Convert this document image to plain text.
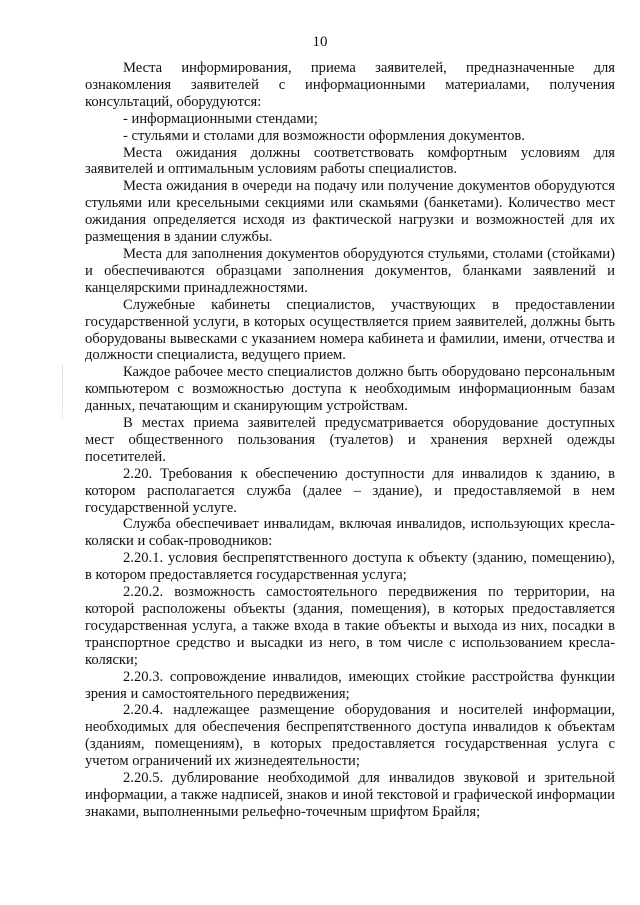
10

Места информирования, приема заявителей, предназначенные для ознакомления заявителей с информационными материалами, получения консультаций, оборудуются:

- информационными стендами;

- стульями и столами для возможности оформления документов.

Места ожидания должны соответствовать комфортным условиям для заявителей и оптимальным условиям работы специалистов.

Места ожидания в очереди на подачу или получение документов оборудуются стульями или кресельными секциями или скамьями (банкетами). Количество мест ожидания определяется исходя из фактической нагрузки и возможностей для их размещения в здании службы.

Места для заполнения документов оборудуются стульями, столами (стойками) и обеспечиваются образцами заполнения документов, бланками заявлений и канцелярскими принадлежностями.

Служебные кабинеты специалистов, участвующих в предоставлении государственной услуги, в которых осуществляется прием заявителей, должны быть оборудованы вывесками с указанием номера кабинета и фамилии, имени, отчества и должности специалиста, ведущего прием.

Каждое рабочее место специалистов должно быть оборудовано персональным компьютером с возможностью доступа к необходимым информационным базам данных, печатающим и сканирующим устройствам.

В местах приема заявителей предусматривается оборудование доступных мест общественного пользования (туалетов) и хранения верхней одежды посетителей.

2.20. Требования к обеспечению доступности для инвалидов к зданию, в котором располагается служба (далее – здание), и предоставляемой в нем государственной услуге.

Служба обеспечивает инвалидам, включая инвалидов, использующих кресла-коляски и собак-проводников:

2.20.1. условия беспрепятственного доступа к объекту (зданию, помещению), в котором предоставляется государственная услуга;

2.20.2. возможность самостоятельного передвижения по территории, на которой расположены объекты (здания, помещения), в которых предоставляется государственная услуга, а также входа в такие объекты и выхода из них, посадки в транспортное средство и высадки из него, в том числе с использованием кресла-коляски;

2.20.3. сопровождение инвалидов, имеющих стойкие расстройства функции зрения и самостоятельного передвижения;

2.20.4. надлежащее размещение оборудования и носителей информации, необходимых для обеспечения беспрепятственного доступа инвалидов к объектам (зданиям, помещениям), в которых предоставляется государственная услуга с учетом ограничений их жизнедеятельности;

2.20.5. дублирование необходимой для инвалидов звуковой и зрительной информации, а также надписей, знаков и иной текстовой и графической информации знаками, выполненными рельефно-точечным шрифтом Брайля;
